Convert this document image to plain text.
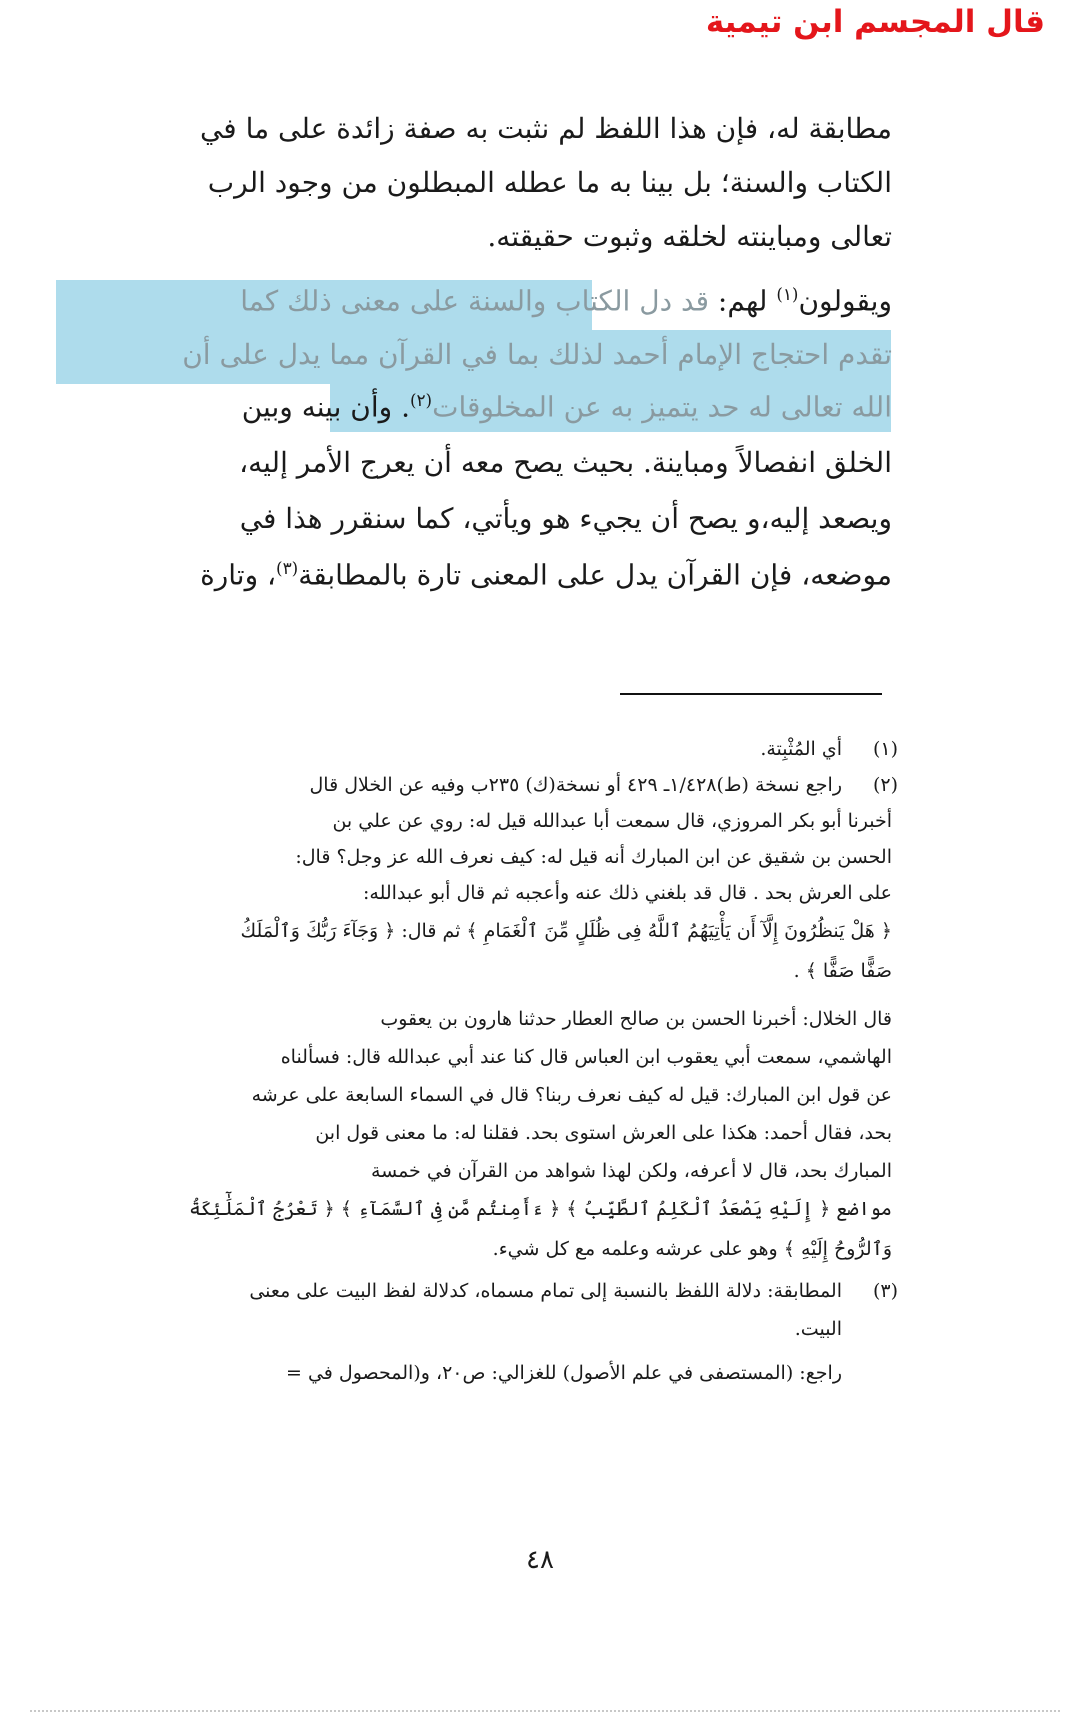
قال المجسم ابن تيمية
مطابقة له، فإن هذا اللفظ لم نثبت به صفة زائدة على ما في
الكتاب والسنة؛ بل بينا به ما عطله المبطلون من وجود الرب
تعالى ومباينته لخلقه وثبوت حقيقته.
ويقولون$^{(١)}$ لهم: قد دل الكتاب والسنة على معنى ذلك كما
تقدم احتجاج الإمام أحمد لذلك بما في القرآن مما يدل على أن
الله تعالى له حد يتميز به عن المخلوقات$^{(٢)}$. وأن بينه وبين
الخلق انفصالاً ومباينة. بحيث يصح معه أن يعرج الأمر إليه،
ويصعد إليه،و يصح أن يجيء هو ويأتي، كما سنقرر هذا في
موضعه، فإن القرآن يدل على المعنى تارة بالمطابقة$^{(٣)}$، وتارة
(١)
أي المُثْبِتة.
(٢)
راجع نسخة (ط)١/٤٢٨ـ ٤٢٩ أو نسخة(ك) ٢٣٥ب وفيه عن الخلال قال
أخبرنا أبو بكر المروزي، قال سمعت أبا عبدالله قيل له: روي عن علي بن
الحسن بن شقيق عن ابن المبارك أنه قيل له: كيف نعرف الله عز وجل؟ قال:
على العرش بحد . قال قد بلغني ذلك عنه وأعجبه ثم قال أبو عبدالله:
﴿ هَلْ يَنظُرُونَ إِلَّآ أَن يَأْتِيَهُمُ ٱللَّهُ فِى ظُلَلٍ مِّنَ ٱلْغَمَامِ ﴾ ثم قال: ﴿ وَجَآءَ رَبُّكَ وَٱلْمَلَكُ
صَفًّا صَفًّا ﴾ .
قال الخلال: أخبرنا الحسن بن صالح العطار حدثنا هارون بن يعقوب
الهاشمي، سمعت أبي يعقوب ابن العباس قال كنا عند أبي عبدالله قال: فسألناه
عن قول ابن المبارك: قيل له كيف نعرف ربنا؟ قال في السماء السابعة على عرشه
بحد، فقال أحمد: هكذا على العرش استوى بحد. فقلنا له: ما معنى قول ابن
المبارك بحد، قال لا أعرفه، ولكن لهذا شواهد من القرآن في خمسة
مواضع ﴿ إِلَيْهِ يَصْعَدُ ٱلْكَلِمُ ٱلطَّيِّبُ ﴾ ﴿ ءَأَمِنتُم مَّن فِى ٱلسَّمَآءِ ﴾ ﴿ تَعْرُجُ ٱلْمَلَٰٓئِكَةُ
وَٱلرُّوحُ إِلَيْهِ ﴾ وهو على عرشه وعلمه مع كل شيء.
(٣)
المطابقة: دلالة اللفظ بالنسبة إلى تمام مسماه، كدلالة لفظ البيت على معنى
البيت.
راجع: (المستصفى في علم الأصول) للغزالي: ص٢٠، و(المحصول في =
٤٨
